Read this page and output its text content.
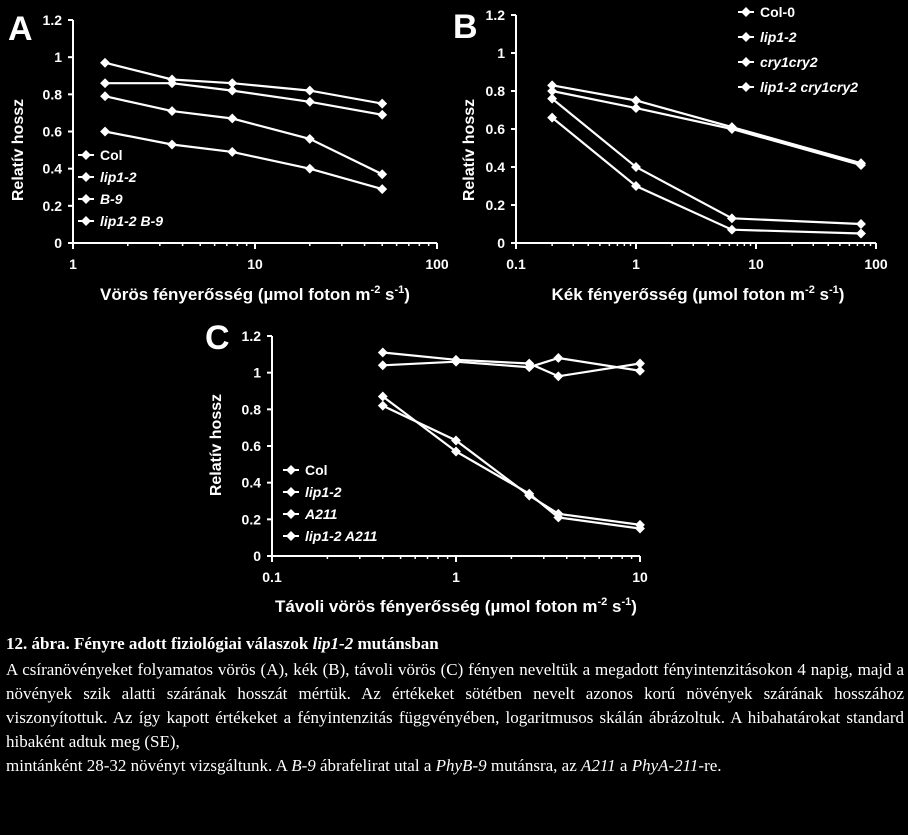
0
0.2
0.4
0.6
0.8
1
1.2
1	10	100
A
Relatív hossz
Vörös fényerősség (µmol foton $m^{-2}$ $s^{-1}$)
Col
lip1-2
B-9
lip1-2 B-9
0
0.2
0.4
0.6
0.8
1
1.2
0.1	1	10	100
B
Relatív hossz
Kék fényerősség (µmol foton $m^{-2}$ $s^{-1}$)
Col-0
lip1-2
cry1cry2
lip1-2 cry1cry2
0
0.2
0.4
0.6
0.8
1
1.2
0.1	1	10
C
Relatív hossz
Távoli vörös fényerősség (µmol foton $m^{-2}$ $s^{-1}$)
Col
lip1-2
A211
lip1-2 A211
12. ábra. Fényre adott fiziológiai válaszok lip1-2 mutánsban

A csíranövényeket folyamatos vörös (A), kék (B), távoli vörös (C) fényen neveltük a megadott fényintenzitásokon 4 napig, majd a növények szik alatti szárának hosszát mértük. Az értékeket sötétben nevelt azonos korú növények szárának hosszához viszonyítottuk. Az így kapott értékeket a fényintenzitás függvényében, logaritmusos skálán ábrázoltuk. A hibahatárokat standard hibaként adtuk meg (SE),

mintánként 28-32 növényt vizsgáltunk. A B-9 ábrafelirat utal a PhyB-9 mutánsra, az A211 a PhyA-211-re.
